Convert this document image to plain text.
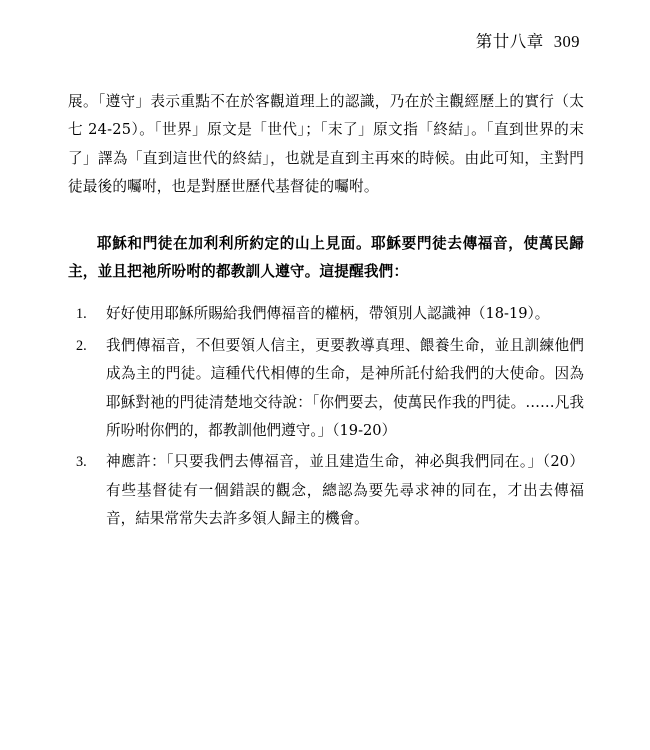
第廿八章 309

展。「遵守」表示重點不在於客觀道理上的認識，乃在於主觀經歷上的實行（太七 24-25）。「世界」原文是「世代」；「末了」原文指「終結」。「直到世界的末了」譯為「直到這世代的終結」，也就是直到主再來的時候。由此可知，主對門徒最後的囑咐，也是對歷世歷代基督徒的囑咐。

耶穌和門徒在加利利所約定的山上見面。耶穌要門徒去傳福音，使萬民歸主，並且把祂所吩咐的都教訓人遵守。這提醒我們：

1.	好好使用耶穌所賜給我們傳福音的權柄，帶領別人認識神（18-19）。
2.	我們傳福音，不但要領人信主，更要教導真理、餵養生命，並且訓練他們成為主的門徒。這種代代相傳的生命，是神所託付給我們的大使命。因為耶穌對祂的門徒清楚地交待說：「你們要去，使萬民作我的門徒。……凡我所吩咐你們的，都教訓他們遵守。」（19-20）
3.	神應許：「只要我們去傳福音，並且建造生命，神必與我們同在。」（20）有些基督徒有一個錯誤的觀念，總認為要先尋求神的同在，才出去傳福音，結果常常失去許多領人歸主的機會。
